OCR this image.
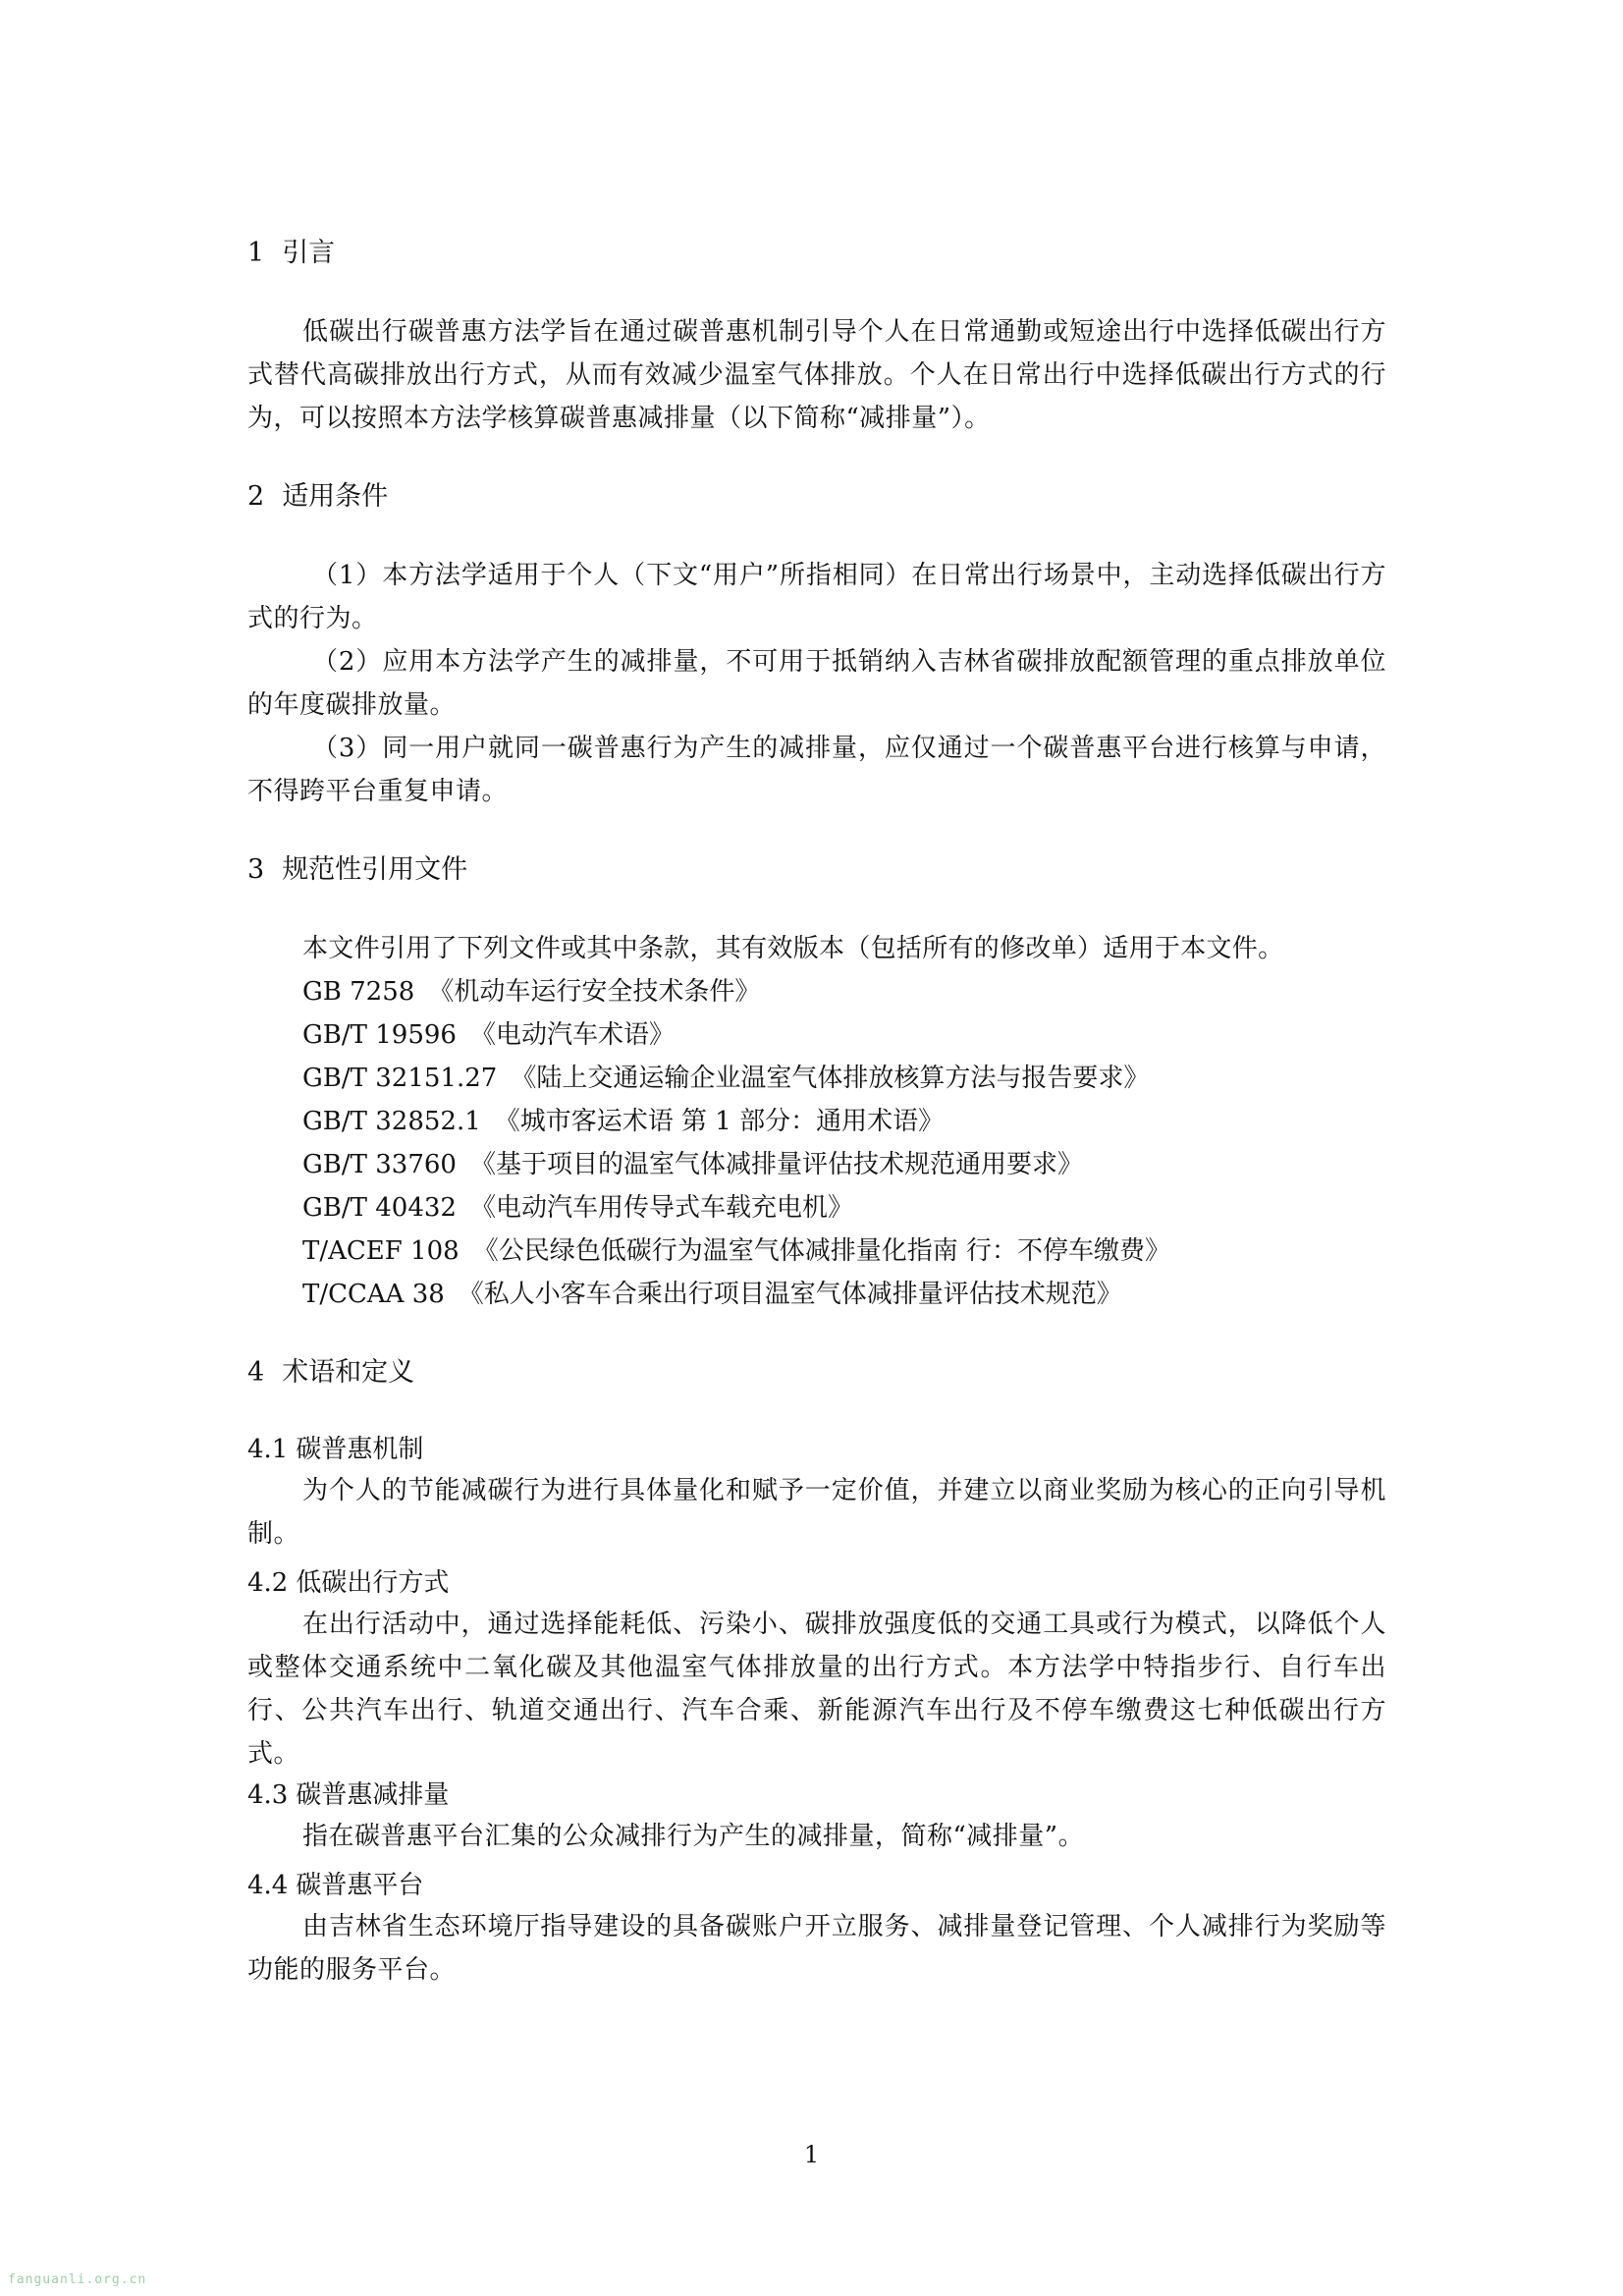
1 引言

低碳出行碳普惠方法学旨在通过碳普惠机制引导个人在日常通勤或短途出行中选择低碳出行方式替代高碳排放出行方式，从而有效减少温室气体排放。个人在日常出行中选择低碳出行方式的行为，可以按照本方法学核算碳普惠减排量（以下简称“减排量”）。

2 适用条件

（1）本方法学适用于个人（下文“用户”所指相同）在日常出行场景中，主动选择低碳出行方式的行为。

（2）应用本方法学产生的减排量，不可用于抵销纳入吉林省碳排放配额管理的重点排放单位的年度碳排放量。

（3）同一用户就同一碳普惠行为产生的减排量，应仅通过一个碳普惠平台进行核算与申请，不得跨平台重复申请。

3 规范性引用文件

本文件引用了下列文件或其中条款，其有效版本（包括所有的修改单）适用于本文件。

GB 7258 《机动车运行安全技术条件》

GB/T 19596 《电动汽车术语》

GB/T 32151.27 《陆上交通运输企业温室气体排放核算方法与报告要求》

GB/T 32852.1 《城市客运术语 第 1 部分：通用术语》

GB/T 33760 《基于项目的温室气体减排量评估技术规范通用要求》

GB/T 40432 《电动汽车用传导式车载充电机》

T/ACEF 108 《公民绿色低碳行为温室气体减排量化指南 行：不停车缴费》

T/CCAA 38 《私人小客车合乘出行项目温室气体减排量评估技术规范》

4 术语和定义
4.1 碳普惠机制

为个人的节能减碳行为进行具体量化和赋予一定价值，并建立以商业奖励为核心的正向引导机制。

4.2 低碳出行方式

在出行活动中，通过选择能耗低、污染小、碳排放强度低的交通工具或行为模式，以降低个人或整体交通系统中二氧化碳及其他温室气体排放量的出行方式。本方法学中特指步行、自行车出行、公共汽车出行、轨道交通出行、汽车合乘、新能源汽车出行及不停车缴费这七种低碳出行方式。

4.3 碳普惠减排量

指在碳普惠平台汇集的公众减排行为产生的减排量，简称“减排量”。

4.4 碳普惠平台

由吉林省生态环境厅指导建设的具备碳账户开立服务、减排量登记管理、个人减排行为奖励等功能的服务平台。

1
fanguanli.org.cn
